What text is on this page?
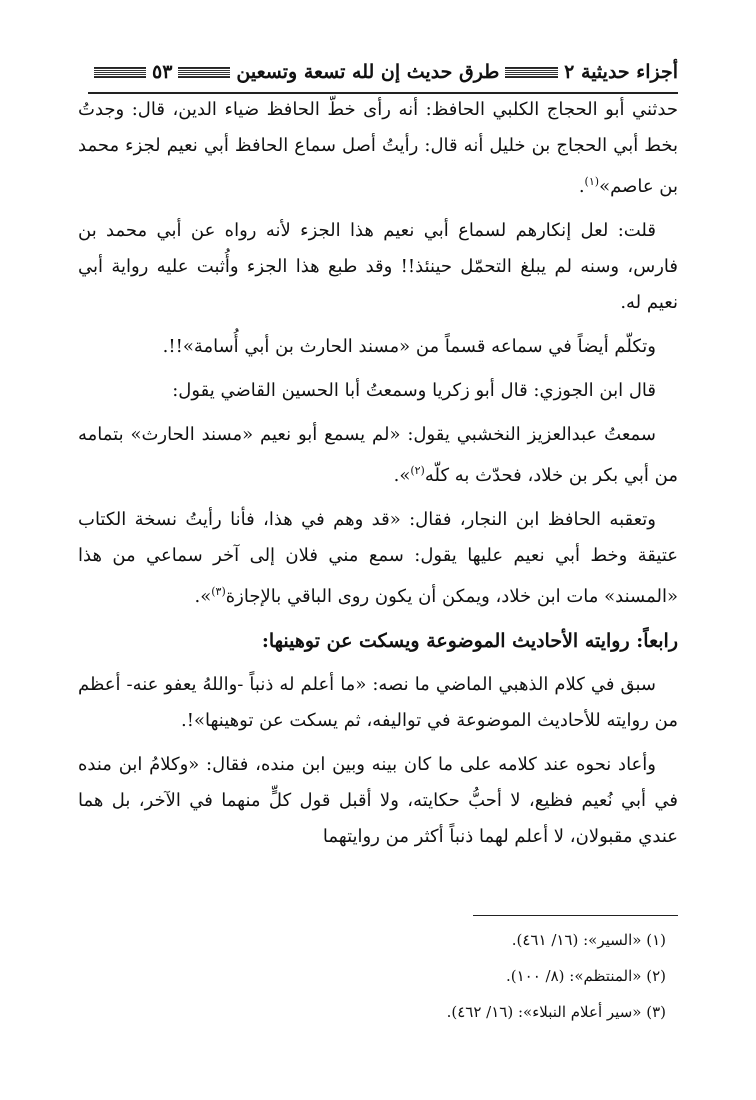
أجزاء حديثية ٢
طرق حديث إن لله تسعة وتسعين
٥٣

حدثني أبو الحجاج الكلبي الحافظ: أنه رأى خطّ الحافظ ضياء الدين، قال: وجدتُ بخط أبي الحجاج بن خليل أنه قال: رأيتُ أصل سماع الحافظ أبي نعيم لجزء محمد بن عاصم»$^{(١)}$.

قلت: لعل إنكارهم لسماع أبي نعيم هذا الجزء لأنه رواه عن أبي محمد بن فارس، وسنه لم يبلغ التحمّل حينئذ!! وقد طبع هذا الجزء وأُثبت عليه رواية أبي نعيم له.

وتكلّم أيضاً في سماعه قسماً من «مسند الحارث بن أبي أُسامة»!!.

قال ابن الجوزي: قال أبو زكريا وسمعتُ أبا الحسين القاضي يقول:

سمعتُ عبدالعزيز النخشبي يقول: «لم يسمع أبو نعيم «مسند الحارث» بتمامه من أبي بكر بن خلاد، فحدّث به كلّه$^{(٢)}$».

وتعقبه الحافظ ابن النجار، فقال: «قد وهم في هذا، فأنا رأيتُ نسخة الكتاب عتيقة وخط أبي نعيم عليها يقول: سمع مني فلان إلى آخر سماعي من هذا «المسند» مات ابن خلاد، ويمكن أن يكون روى الباقي بالإجازة$^{(٣)}$».

رابعاً: روايته الأحاديث الموضوعة ويسكت عن توهينها:

سبق في كلام الذهبي الماضي ما نصه: «ما أعلم له ذنباً -واللهُ يعفو عنه- أعظم من روايته للأحاديث الموضوعة في تواليفه، ثم يسكت عن توهينها»!.

وأعاد نحوه عند كلامه على ما كان بينه وبين ابن منده، فقال: «وكلامُ ابن منده في أبي نُعيم فظيع، لا أحبُّ حكايته، ولا أقبل قول كلٍّ منهما في الآخر، بل هما عندي مقبولان، لا أعلم لهما ذنباً أكثر من روايتهما

(١) «السير»: (١٦/ ٤٦١).
(٢) «المنتظم»: (٨/ ١٠٠).
(٣) «سير أعلام النبلاء»: (١٦/ ٤٦٢).
